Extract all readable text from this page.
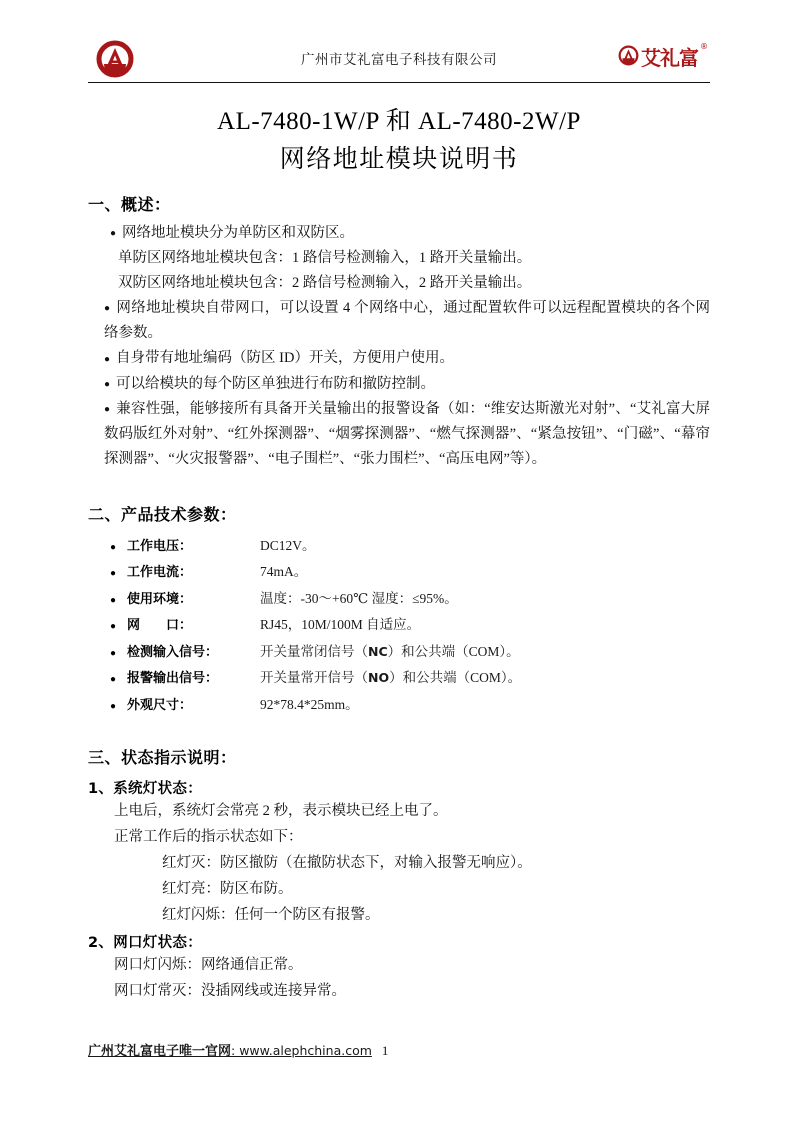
广州市艾礼富电子科技有限公司	艾礼富 ®
AL-7480-1W/P 和 AL-7480-2W/P
网络地址模块说明书
一、概述：
● 网络地址模块分为单防区和双防区。
单防区网络地址模块包含：1 路信号检测输入，1 路开关量输出。
双防区网络地址模块包含：2 路信号检测输入，2 路开关量输出。
● 网络地址模块自带网口，可以设置 4 个网络中心，通过配置软件可以远程配置模块的各个网络参数。
● 自身带有地址编码（防区 ID）开关，方便用户使用。
● 可以给模块的每个防区单独进行布防和撤防控制。
● 兼容性强，能够接所有具备开关量输出的报警设备（如：“维安达斯激光对射”、“艾礼富大屏数码版红外对射”、“红外探测器”、“烟雾探测器”、“燃气探测器”、“紧急按钮”、“门磁”、“幕帘探测器”、“火灾报警器”、“电子围栏”、“张力围栏”、“高压电网”等）。
二、产品技术参数：
● 工作电压：	DC12V。
● 工作电流：	74mA。
● 使用环境：	温度：-30～+60℃ 湿度：≤95%。
● 网　　口：	RJ45，10M/100M 自适应。
● 检测输入信号：	开关量常闭信号（NC）和公共端（COM）。
● 报警输出信号：	开关量常开信号（NO）和公共端（COM）。
● 外观尺寸：	92*78.4*25mm。
三、状态指示说明：
1、系统灯状态：
上电后，系统灯会常亮 2 秒，表示模块已经上电了。
正常工作后的指示状态如下：
红灯灭：防区撤防（在撤防状态下，对输入报警无响应）。
红灯亮：防区布防。
红灯闪烁：任何一个防区有报警。
2、网口灯状态：
网口灯闪烁：网络通信正常。
网口灯常灭：没插网线或连接异常。
广州艾礼富电子唯一官网: www.alephchina.com 1
